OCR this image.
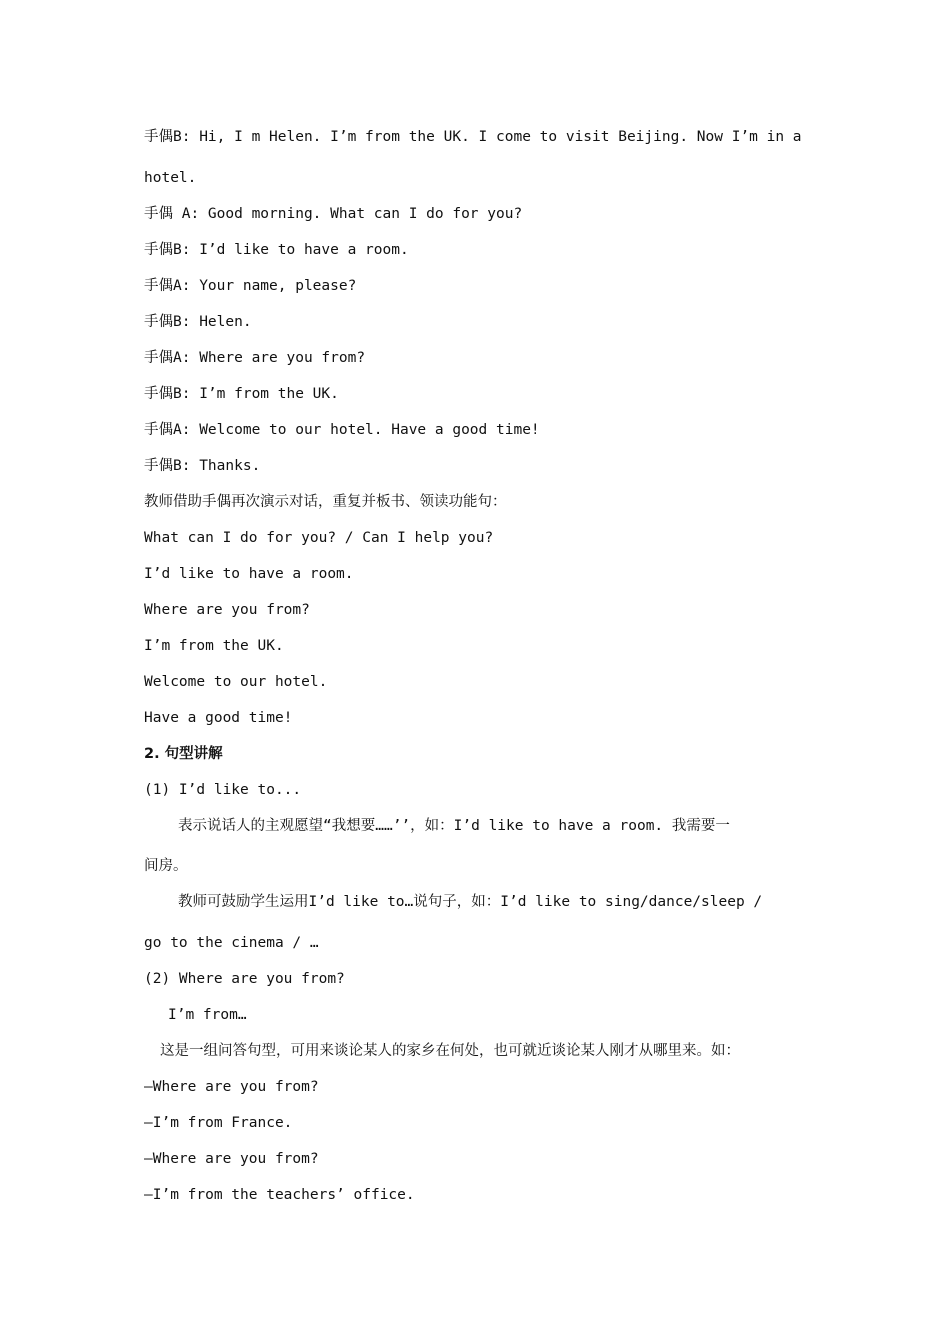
手偶B: Hi, I m Helen. I’m from the UK. I come to visit Beijing. Now I’m in a
hotel.
手偶 A: Good morning. What can I do for you?
手偶B: I’d like to have a room.
手偶A: Your name, please?
手偶B: Helen.
手偶A: Where are you from?
手偶B: I’m from the UK.
手偶A: Welcome to our hotel. Have a good time!
手偶B: Thanks.
教师借助手偶再次演示对话，重复并板书、领读功能句：
What can I do for you? / Can I help you?
I’d like to have a room.
Where are you from?
I’m from the UK.
Welcome to our hotel.
Have a good time!
2. 句型讲解
(1) I’d like to...
表示说话人的主观愿望“我想要……’’，如：I’d like to have a room. 我需要一
间房。
教师可鼓励学生运用I’d like to…说句子，如：I’d like to sing/dance/sleep /
go to the cinema / …
(2) Where are you from?
I’m from…
这是一组问答句型，可用来谈论某人的家乡在何处，也可就近谈论某人刚才从哪里来。如：
—Where are you from?
—I’m from France.
—Where are you from?
—I’m from the teachers’ office.
